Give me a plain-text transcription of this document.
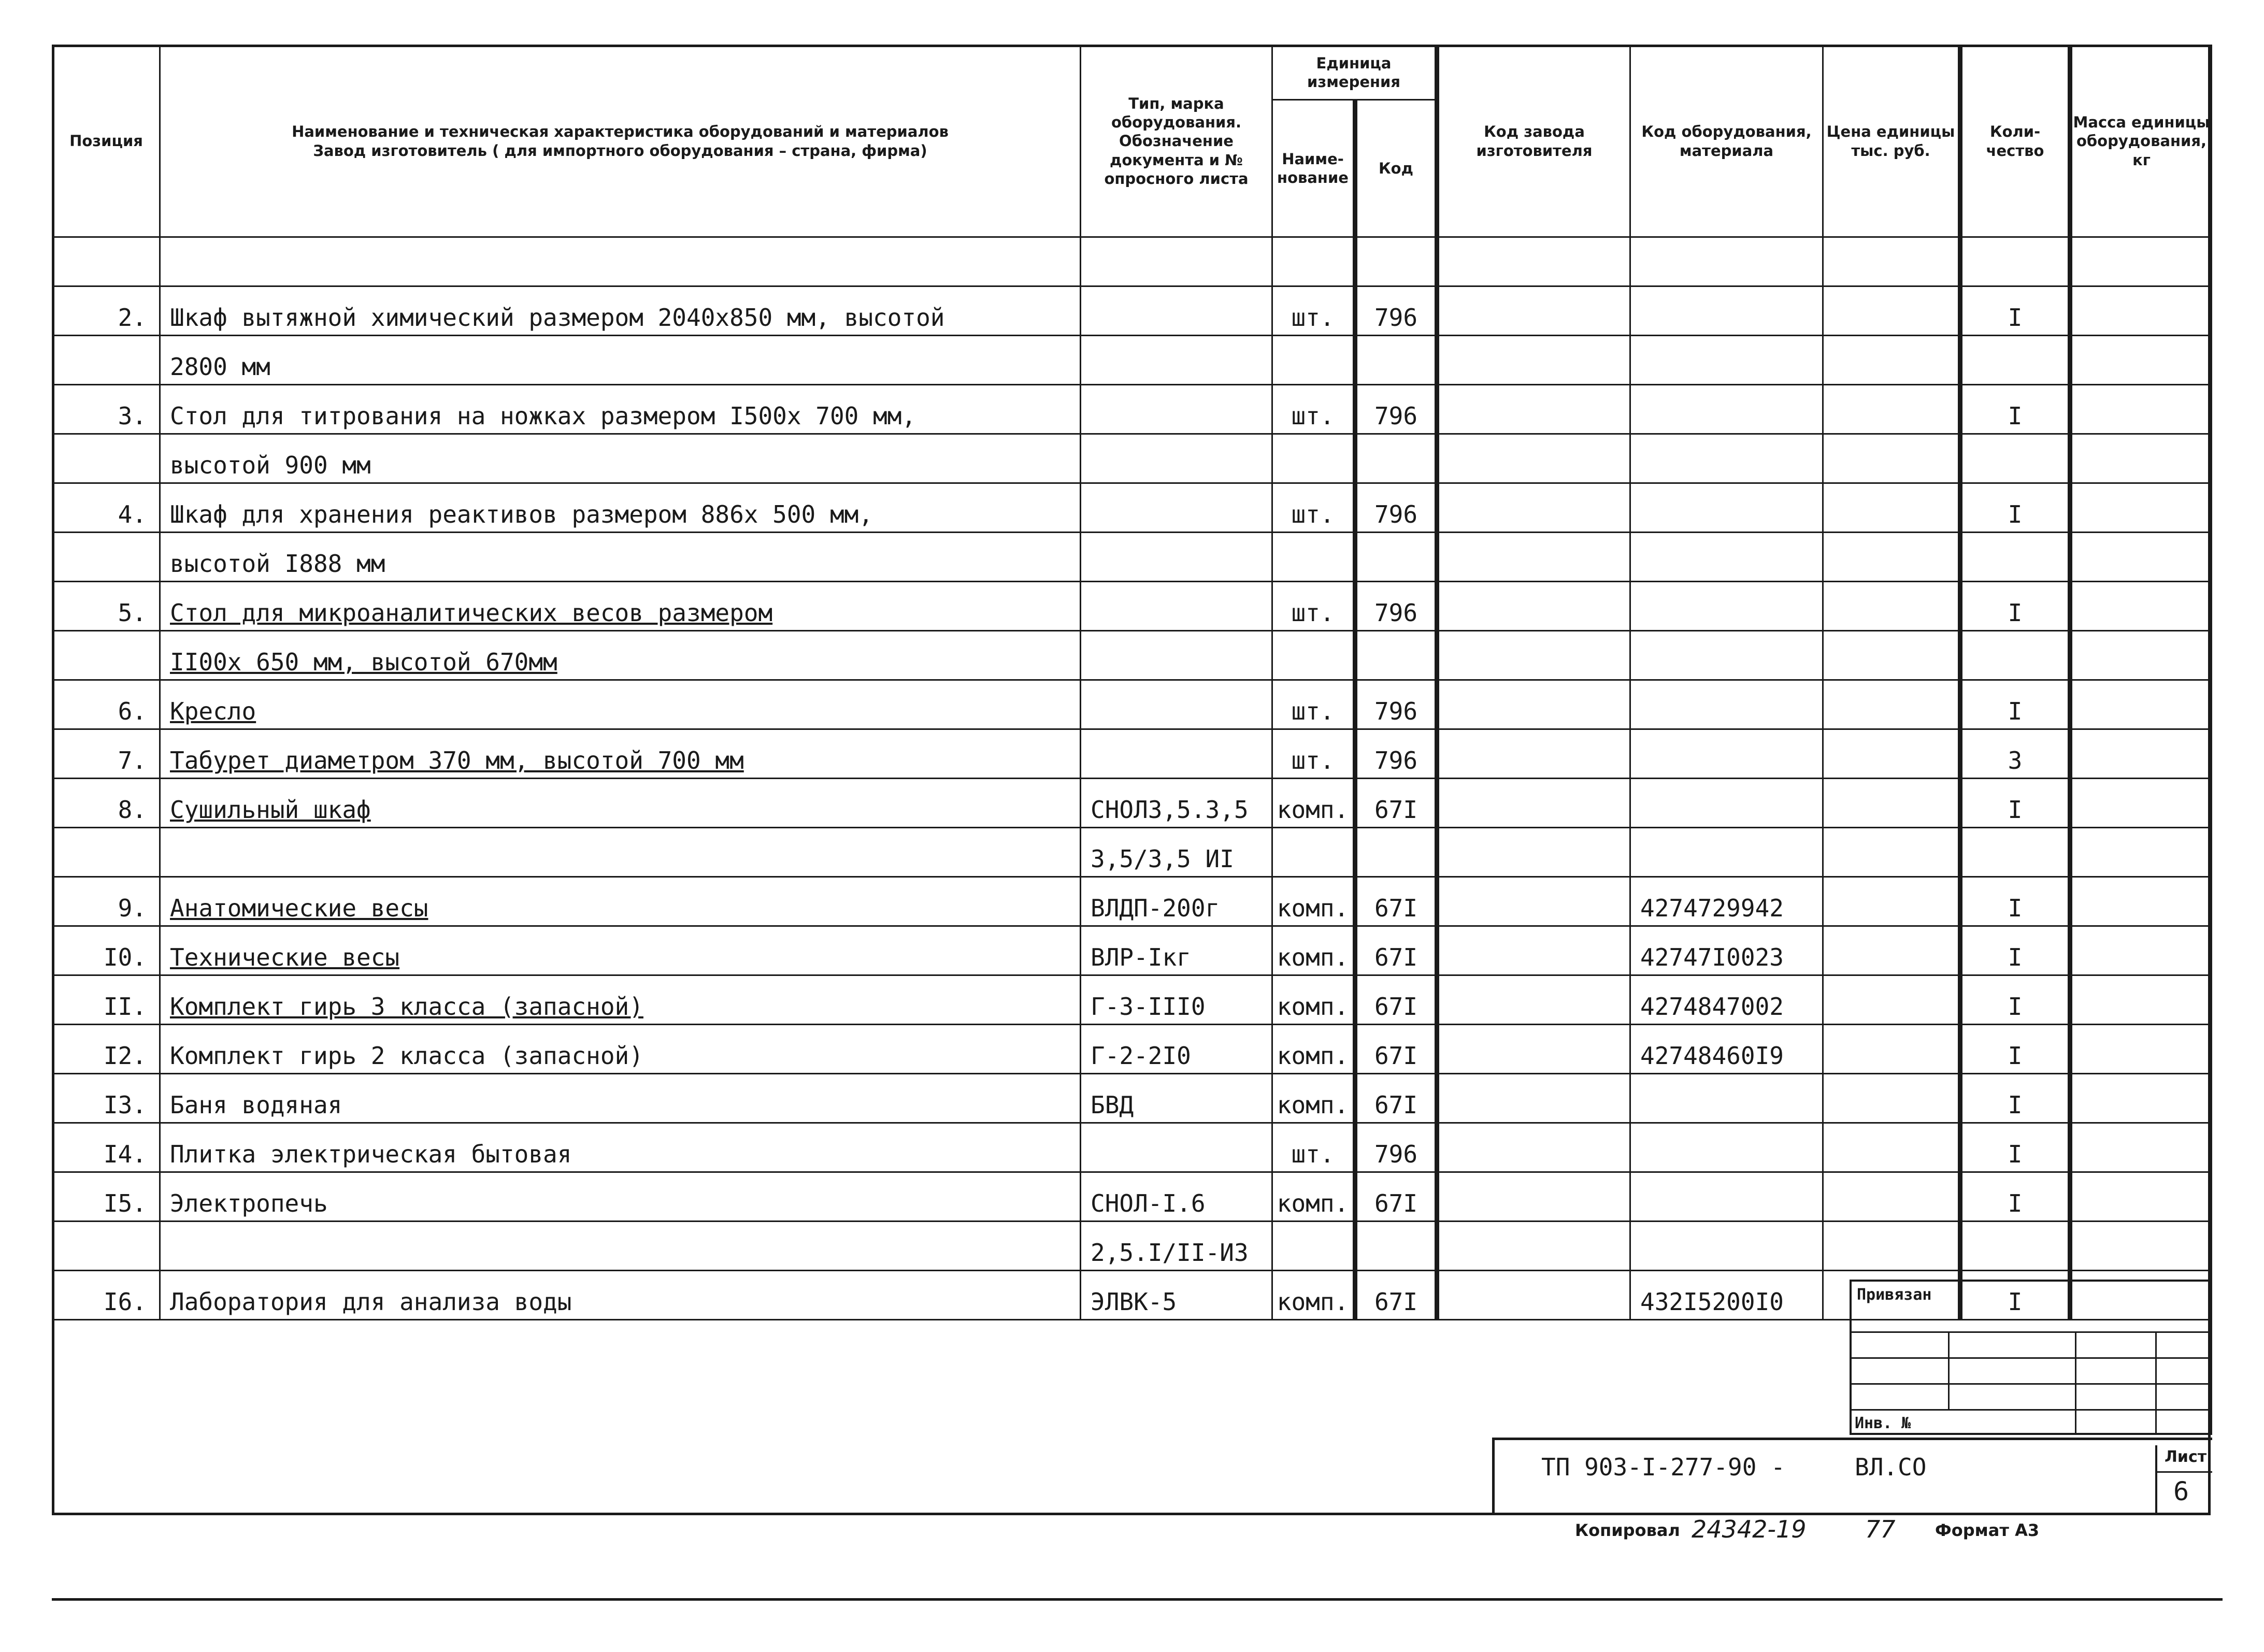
Позиция	Наименование и техническая характеристика оборудований и материалов
Завод изготовитель ( для импортного оборудования – страна, фирма)	Тип, марка оборудования. Обозначение документа и № опросного листа	Единица измерения		Код завода изготовителя	Код оборудования, материала	Цена единицы тыс. руб.	Коли-чество	Масса единицы оборудования, кг
			Наиме-нование	Код					

2.	Шкаф вытяжной химический размером 2040x850 мм, высотой		шт.	796				I	
	2800 мм								
3.	Стол для титрования на ножках размером I500x 700 мм,		шт.	796				I	
	высотой 900 мм								
4.	Шкаф для хранения реактивов размером 886x 500 мм,		шт.	796				I	
	высотой I888 мм								
5.	Стол для микроаналитических весов размером		шт.	796				I	
	II00x 650 мм, высотой 670мм								
6.	Кресло		шт.	796				I	
7.	Табурет диаметром 370 мм, высотой 700 мм		шт.	796				3	
8.	Сушильный шкаф	СНОЛ3,5.3,5	комп.	67I				I	
		3,5/3,5 ИI							
9.	Анатомические весы	ВЛДП-200г	комп.	67I		4274729942		I	
I0.	Технические весы	ВЛР-Iкг	комп.	67I		42747I0023		I	
II.	Комплект гирь 3 класса (запасной)	Г-3-III0	комп.	67I		4274847002		I	
I2.	Комплект гирь 2 класса (запасной)	Г-2-2I0	комп.	67I		42748460I9		I	
I3.	Баня водяная	БВД	комп.	67I				I	
I4.	Плитка электрическая бытовая		шт.	796				I	
I5.	Электропечь	СНОЛ-I.6	комп.	67I				I	
		2,5.I/II-ИЗ							
I6.	Лаборатория для анализа воды	ЭЛВК-5	комп.	67I		432I5200I0		I	
Привязан
Инв. №
ТП 903-I-277-90 -	ВЛ.СО	Лист
6
Копировал 24342-19 77 Формат А3
